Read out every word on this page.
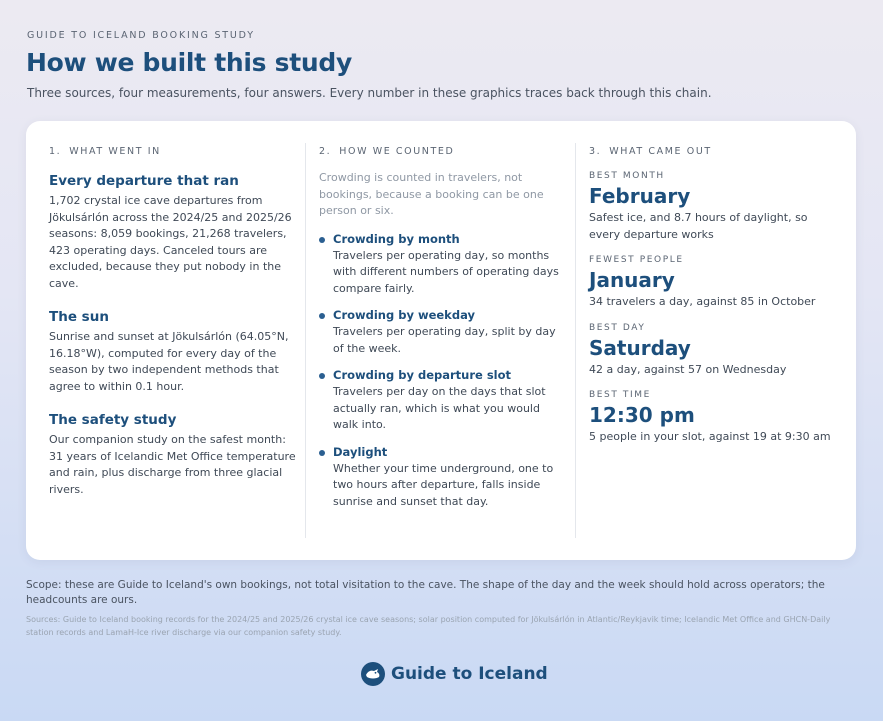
GUIDE TO ICELAND BOOKING STUDY
How we built this study

Three sources, four measurements, four answers. Every number in these graphics traces back through this chain.

1. WHAT WENT IN
Every departure that ran
1,702 crystal ice cave departures from Jökulsárlón across the 2024/25 and 2025/26 seasons: 8,059 bookings, 21,268 travelers, 423 operating days. Canceled tours are excluded, because they put nobody in the cave.
The sun
Sunrise and sunset at Jökulsárlón (64.05°N, 16.18°W), computed for every day of the season by two independent methods that agree to within 0.1 hour.
The safety study
Our companion study on the safest month: 31 years of Icelandic Met Office temperature and rain, plus discharge from three glacial rivers.
2. HOW WE COUNTED
Crowding is counted in travelers, not bookings, because a booking can be one person or six.
Crowding by month
Travelers per operating day, so months with different numbers of operating days compare fairly.
Crowding by weekday
Travelers per operating day, split by day of the week.
Crowding by departure slot
Travelers per day on the days that slot actually ran, which is what you would walk into.
Daylight
Whether your time underground, one to two hours after departure, falls inside sunrise and sunset that day.
3. WHAT CAME OUT
BEST MONTH
February
Safest ice, and 8.7 hours of daylight, so every departure works
FEWEST PEOPLE
January
34 travelers a day, against 85 in October
BEST DAY
Saturday
42 a day, against 57 on Wednesday
BEST TIME
12:30 pm
5 people in your slot, against 19 at 9:30 am

Scope: these are Guide to Iceland's own bookings, not total visitation to the cave. The shape of the day and the week should hold across operators; the headcounts are ours.

Sources: Guide to Iceland booking records for the 2024/25 and 2025/26 crystal ice cave seasons; solar position computed for Jökulsárlón in Atlantic/Reykjavik time; Icelandic Met Office and GHCN-Daily station records and LamaH-Ice river discharge via our companion safety study.

Guide to Iceland
